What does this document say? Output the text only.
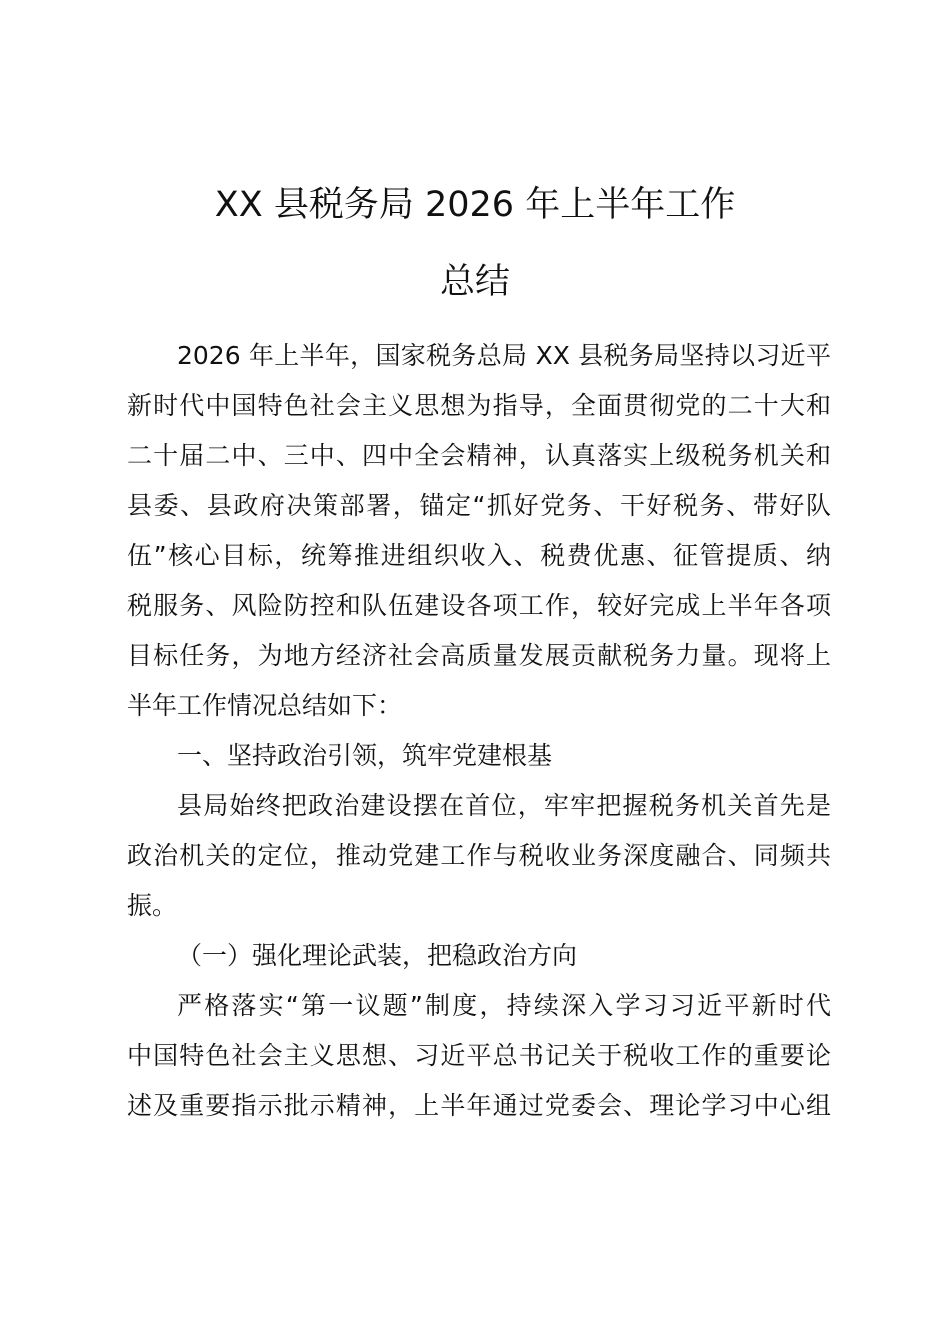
XX 县税务局 2026 年上半年工作
总结
2026 年上半年，国家税务总局 XX 县税务局坚持以习近平
新时代中国特色社会主义思想为指导，全面贯彻党的二十大和
二十届二中、三中、四中全会精神，认真落实上级税务机关和
县委、县政府决策部署，锚定“抓好党务、干好税务、带好队
伍”核心目标，统筹推进组织收入、税费优惠、征管提质、纳
税服务、风险防控和队伍建设各项工作，较好完成上半年各项
目标任务，为地方经济社会高质量发展贡献税务力量。现将上
半年工作情况总结如下：
一、坚持政治引领，筑牢党建根基
县局始终把政治建设摆在首位，牢牢把握税务机关首先是
政治机关的定位，推动党建工作与税收业务深度融合、同频共
振。
（一）强化理论武装，把稳政治方向
严格落实“第一议题”制度，持续深入学习习近平新时代
中国特色社会主义思想、习近平总书记关于税收工作的重要论
述及重要指示批示精神，上半年通过党委会、理论学习中心组
